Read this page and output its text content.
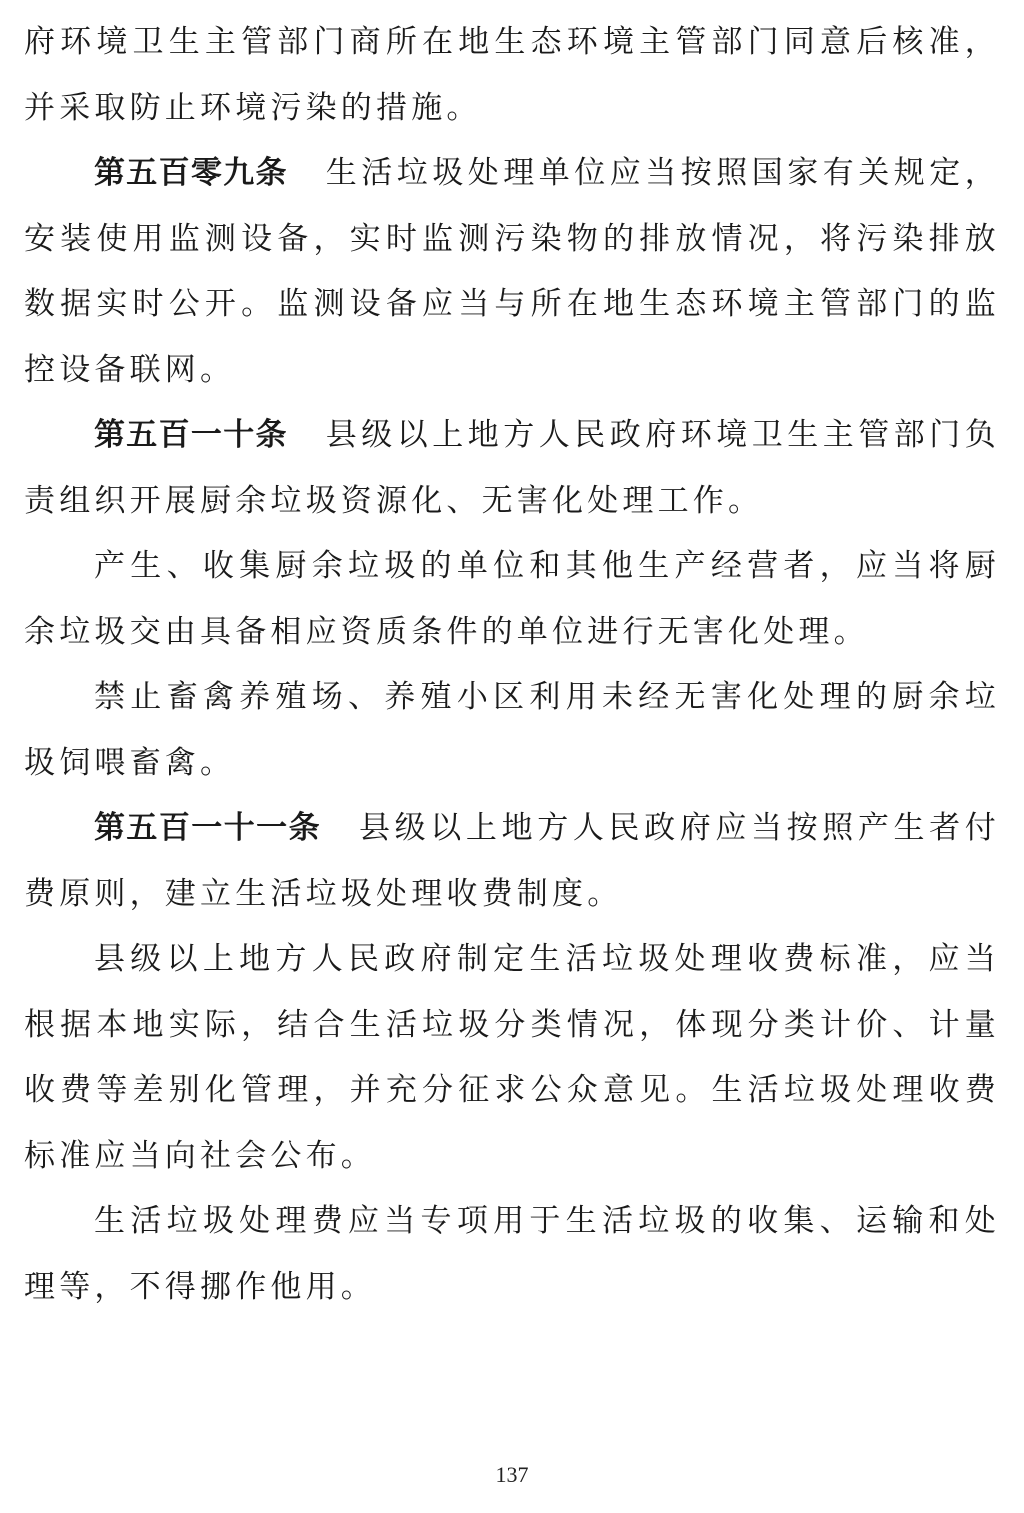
府环境卫生主管部门商所在地生态环境主管部门同意后核准，并采取防止环境污染的措施。

第五百零九条 生活垃圾处理单位应当按照国家有关规定，安装使用监测设备，实时监测污染物的排放情况，将污染排放数据实时公开。监测设备应当与所在地生态环境主管部门的监控设备联网。

第五百一十条 县级以上地方人民政府环境卫生主管部门负责组织开展厨余垃圾资源化、无害化处理工作。

产生、收集厨余垃圾的单位和其他生产经营者，应当将厨余垃圾交由具备相应资质条件的单位进行无害化处理。

禁止畜禽养殖场、养殖小区利用未经无害化处理的厨余垃圾饲喂畜禽。

第五百一十一条 县级以上地方人民政府应当按照产生者付费原则，建立生活垃圾处理收费制度。

县级以上地方人民政府制定生活垃圾处理收费标准，应当根据本地实际，结合生活垃圾分类情况，体现分类计价、计量收费等差别化管理，并充分征求公众意见。生活垃圾处理收费标准应当向社会公布。

生活垃圾处理费应当专项用于生活垃圾的收集、运输和处理等，不得挪作他用。

137
